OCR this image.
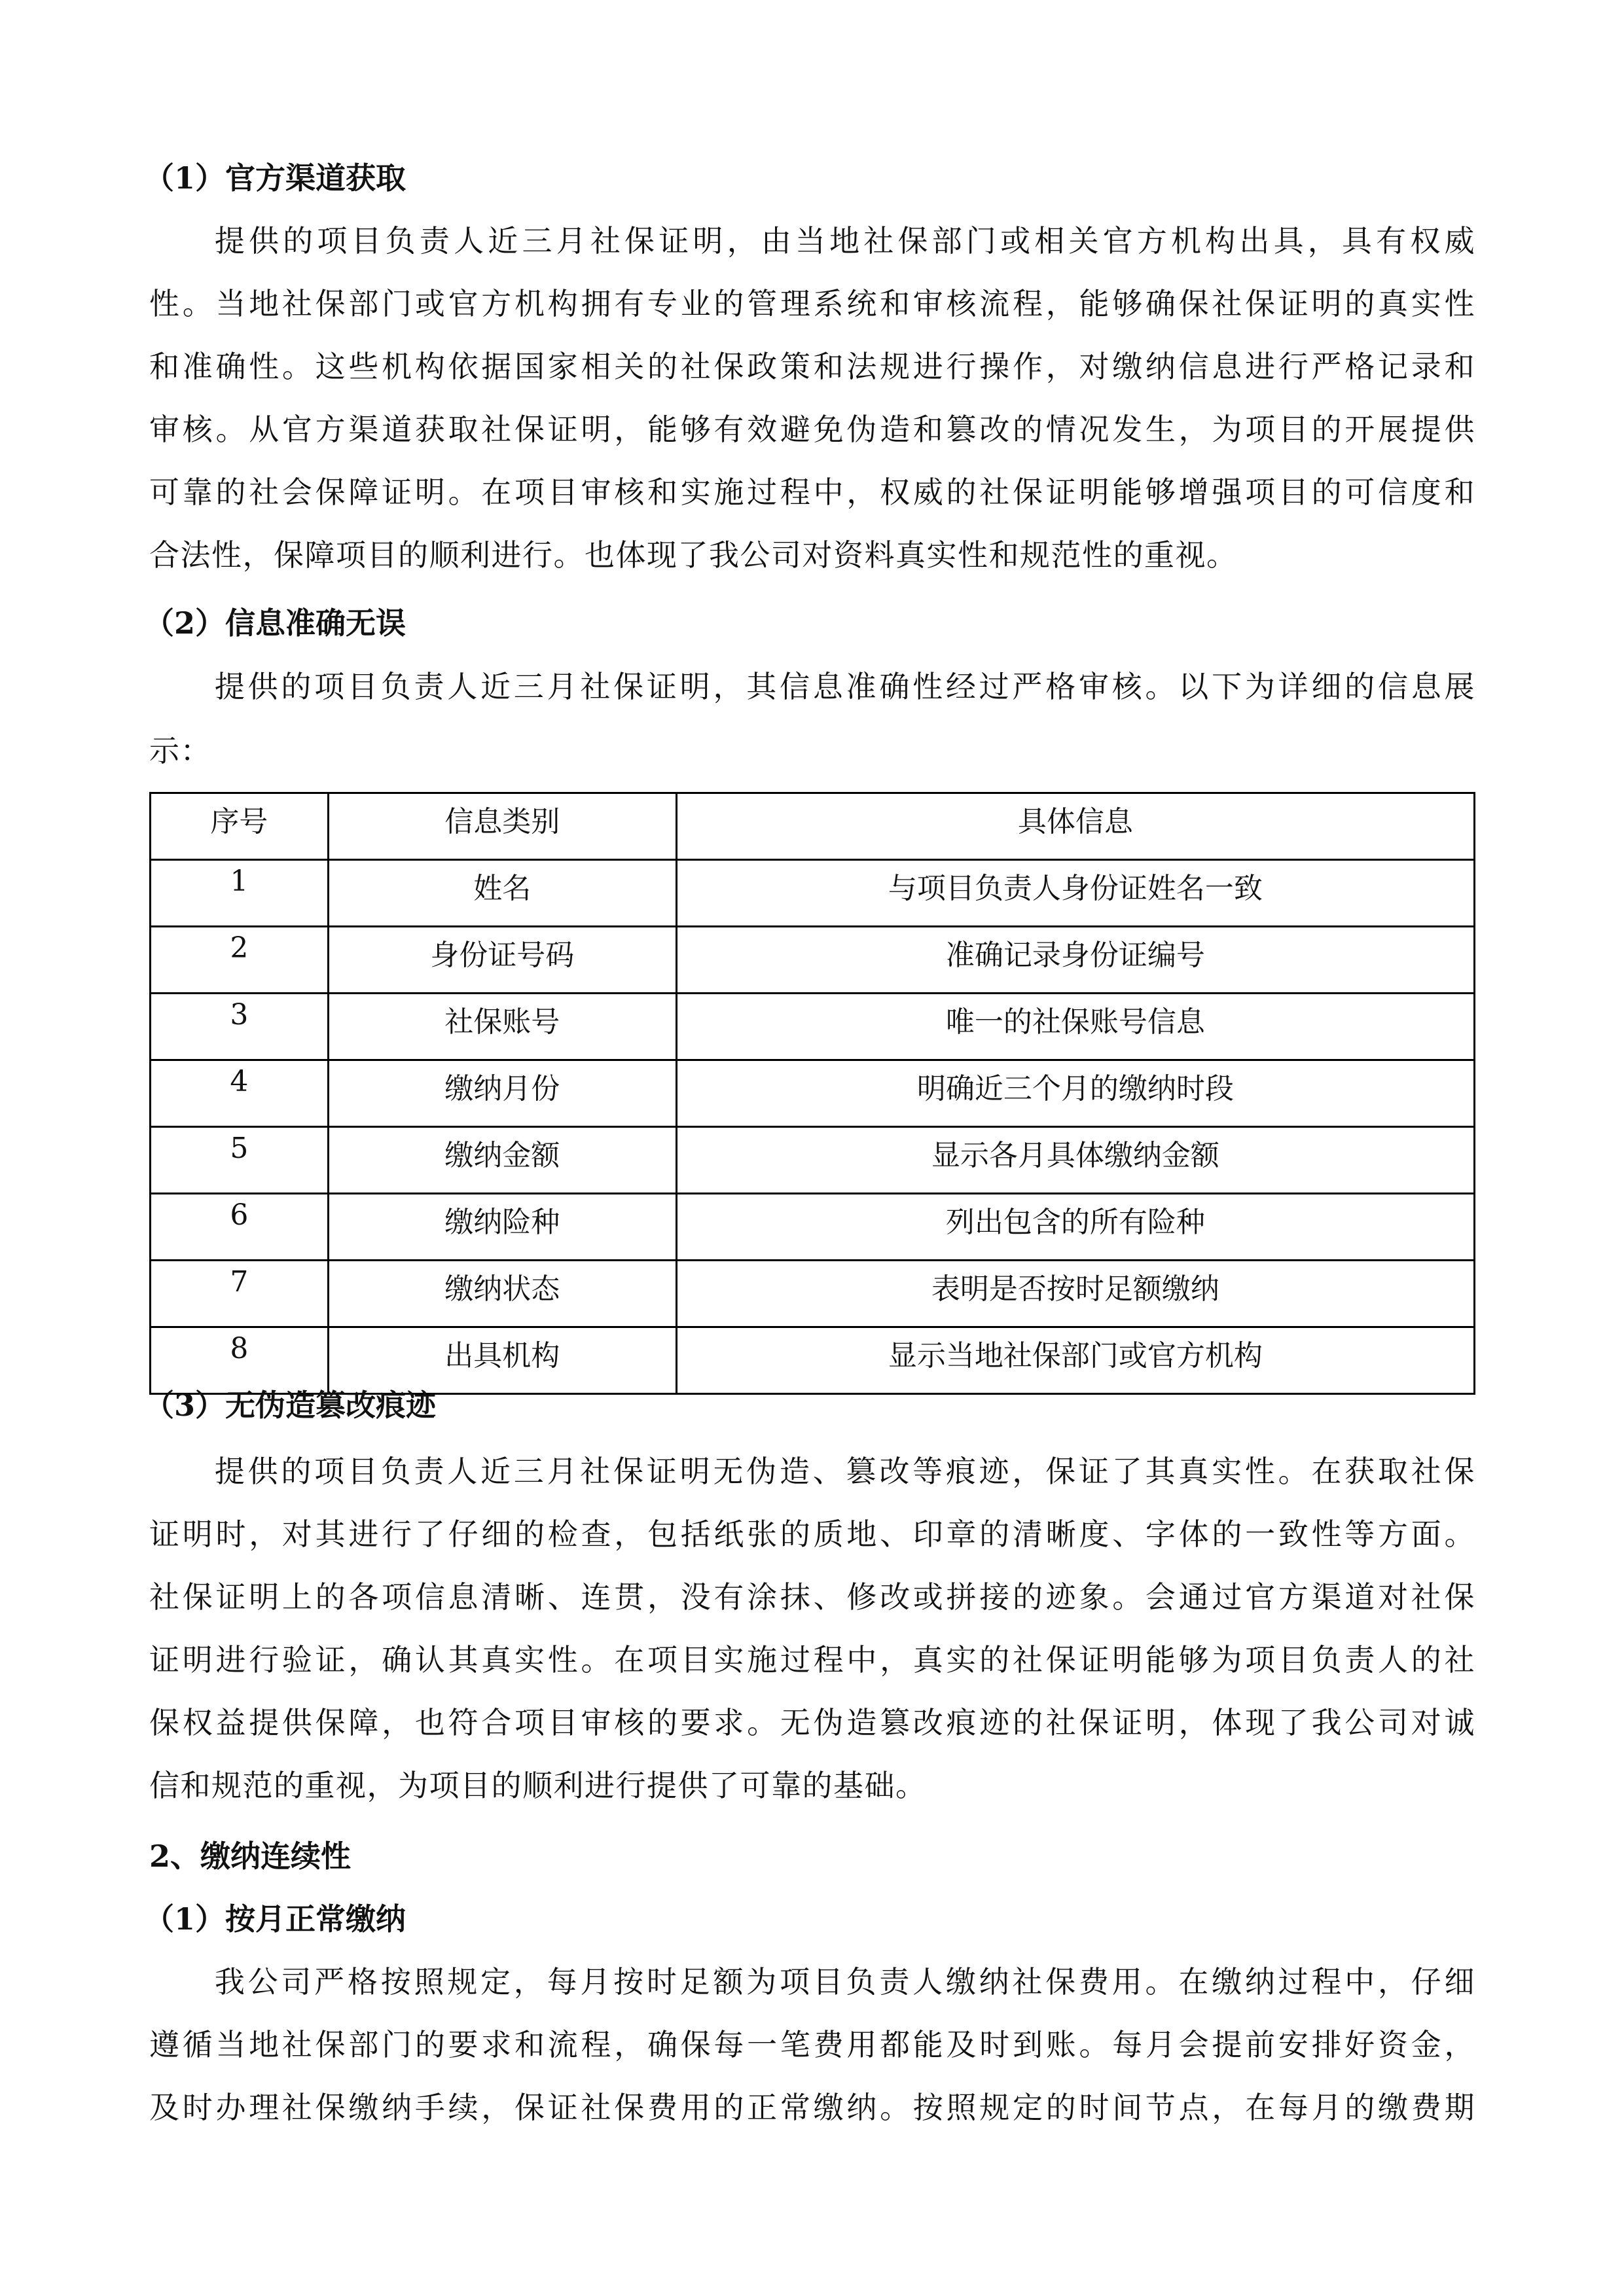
（1）官方渠道获取
提供的项目负责人近三月社保证明，由当地社保部门或相关官方机构出具，具有权威
性。当地社保部门或官方机构拥有专业的管理系统和审核流程，能够确保社保证明的真实性
和准确性。这些机构依据国家相关的社保政策和法规进行操作，对缴纳信息进行严格记录和
审核。从官方渠道获取社保证明，能够有效避免伪造和篡改的情况发生，为项目的开展提供
可靠的社会保障证明。在项目审核和实施过程中，权威的社保证明能够增强项目的可信度和
合法性，保障项目的顺利进行。也体现了我公司对资料真实性和规范性的重视。
（2）信息准确无误
提供的项目负责人近三月社保证明，其信息准确性经过严格审核。以下为详细的信息展
示：
序号	信息类别	具体信息
1	姓名	与项目负责人身份证姓名一致
2	身份证号码	准确记录身份证编号
3	社保账号	唯一的社保账号信息
4	缴纳月份	明确近三个月的缴纳时段
5	缴纳金额	显示各月具体缴纳金额
6	缴纳险种	列出包含的所有险种
7	缴纳状态	表明是否按时足额缴纳
8	出具机构	显示当地社保部门或官方机构
（3）无伪造篡改痕迹
提供的项目负责人近三月社保证明无伪造、篡改等痕迹，保证了其真实性。在获取社保
证明时，对其进行了仔细的检查，包括纸张的质地、印章的清晰度、字体的一致性等方面。
社保证明上的各项信息清晰、连贯，没有涂抹、修改或拼接的迹象。会通过官方渠道对社保
证明进行验证，确认其真实性。在项目实施过程中，真实的社保证明能够为项目负责人的社
保权益提供保障，也符合项目审核的要求。无伪造篡改痕迹的社保证明，体现了我公司对诚
信和规范的重视，为项目的顺利进行提供了可靠的基础。
2、缴纳连续性
（1）按月正常缴纳
我公司严格按照规定，每月按时足额为项目负责人缴纳社保费用。在缴纳过程中，仔细
遵循当地社保部门的要求和流程，确保每一笔费用都能及时到账。每月会提前安排好资金，
及时办理社保缴纳手续，保证社保费用的正常缴纳。按照规定的时间节点，在每月的缴费期
